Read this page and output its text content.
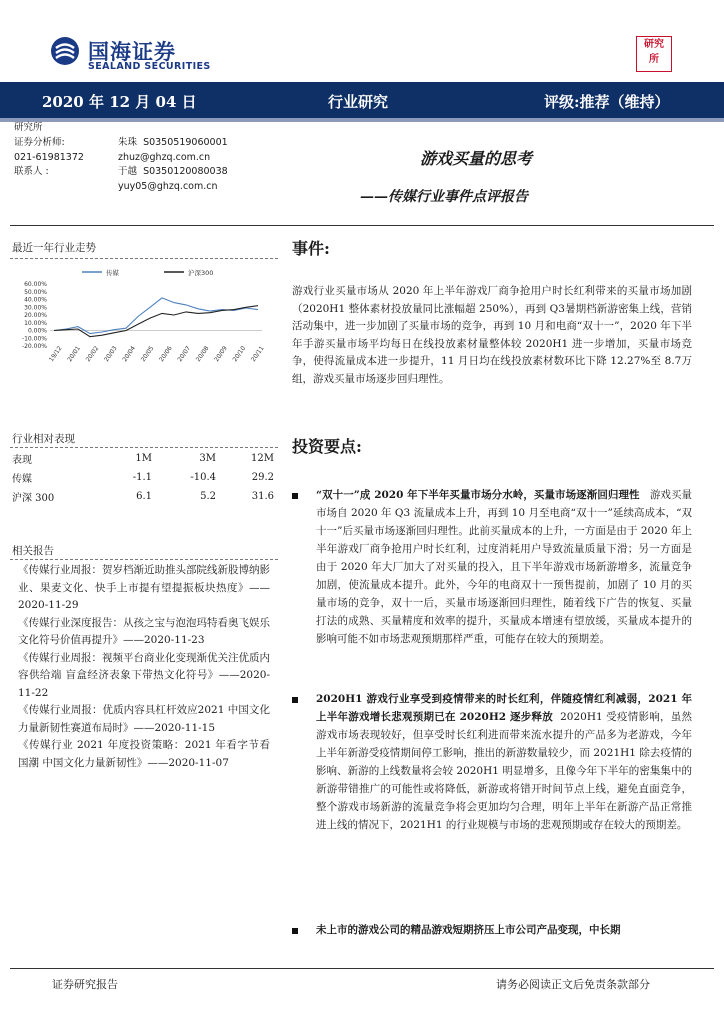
国海证券
SEALAND SECURITIES
研究
所
2020 年 12 月 04 日	行业研究	评级:推荐（维持）
研究所
证券分析师:
021-61981372
联系人 :
朱珠 S0350519060001
zhuz@ghzq.com.cn
于越 S0350120080038
yuy05@ghzq.com.cn
游戏买量的思考
——传媒行业事件点评报告
最近一年行业走势
传媒	沪深300
60.00%
50.00%
40.00%
30.00%
20.00%
10.00%
0.00%
-10.00%
-20.00% 19/12 20/01 20/02 20/03 20/04 20/05 20/06 20/07 20/08 20/09 20/10 20/11
行业相对表现
表现	1M	3M	12M
传媒	-1.1	-10.4	29.2
沪深 300	6.1	5.2	31.6
相关报告
《传媒行业周报：贺岁档渐近助推头部院线新股博纳影业、果麦文化、快手上市提有望提振板块热度》——2020-11-29
《传媒行业深度报告：从孩之宝与泡泡玛特看奥飞娱乐 文化符号价值再提升》——2020-11-23
《传媒行业周报：视频平台商业化变现渐优关注优质内容供给端 盲盒经济表象下带热文化符号》——2020-11-22
《传媒行业周报：优质内容具杠杆效应2021 中国文化力量新韧性赛道布局时》——2020-11-15
《传媒行业 2021 年度投资策略：2021 年看字节看国潮 中国文化力量新韧性》——2020-11-07
事件:
游戏行业买量市场从 2020 年上半年游戏厂商争抢用户时长红利带来的买量市场加剧（2020H1 整体素材投放量同比涨幅超 250%），再到 Q3暑期档新游密集上线，营销活动集中，进一步加剧了买量市场的竞争，再到 10 月和电商“双十一”，2020 年下半年手游买量市场平均每日在线投放素材量整体较 2020H1 进一步增加，买量市场竞争，使得流量成本进一步提升，11 月日均在线投放素材数环比下降 12.27%至 8.7万组，游戏买量市场逐步回归理性。
投资要点:
“双十一”成 2020 年下半年买量市场分水岭，买量市场逐渐回归理性 游戏买量市场自 2020 年 Q3 流量成本上升，再到 10 月至电商“双十一”延续高成本，“双十一”后买量市场逐渐回归理性。此前买量成本的上升，一方面是由于 2020 年上半年游戏厂商争抢用户时长红利，过度消耗用户导致流量质量下滑；另一方面是由于 2020 年大厂加大了对买量的投入，且下半年游戏市场新游增多，流量竞争加剧，使流量成本提升。此外，今年的电商双十一预售提前，加剧了 10 月的买量市场的竞争，双十一后，买量市场逐渐回归理性，随着线下广告的恢复、买量打法的成熟、买量精度和效率的提升，买量成本增速有望放缓，买量成本提升的影响可能不如市场悲观预期那样严重，可能存在较大的预期差。
2020H1 游戏行业享受到疫情带来的时长红利，伴随疫情红利减弱，2021 年上半年游戏增长悲观预期已在 2020H2 逐步释放 2020H1 受疫情影响，虽然游戏市场表现较好，但享受时长红利进而带来流水提升的产品多为老游戏，今年上半年新游受疫情期间停工影响，推出的新游数量较少，而 2021H1 除去疫情的影响、新游的上线数量将会较 2020H1 明显增多，且像今年下半年的密集集中的新游带错推广的可能性或将降低，新游或将错开时间节点上线，避免直面竞争，整个游戏市场新游的流量竞争将会更加均匀合理，明年上半年在新游产品正常推进上线的情况下，2021H1 的行业规模与市场的悲观预期或存在较大的预期差。
未上市的游戏公司的精品游戏短期挤压上市公司产品变现，中长期
证券研究报告	请务必阅读正文后免责条款部分
